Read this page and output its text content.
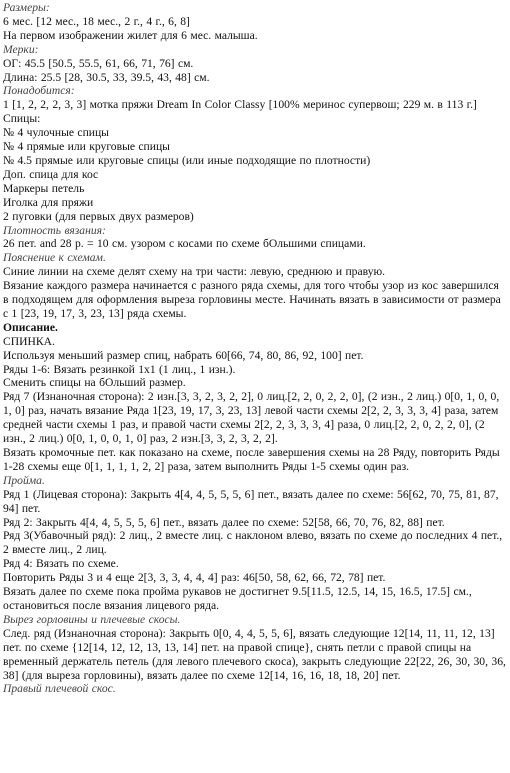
Размеры:

6 мес. [12 мес., 18 мес., 2 г., 4 г., 6, 8]

На первом изображении жилет для 6 мес. малыша.

Мерки:

ОГ: 45.5 [50.5, 55.5, 61, 66, 71, 76] см.

Длина: 25.5 [28, 30.5, 33, 39.5, 43, 48] см.

Понадобится:

1 [1, 2, 2, 2, 3, 3] мотка пряжи Dream In Color Classy [100% меринос супервош; 229 м. в 113 г.]

Спицы:

№ 4 чулочные спицы

№ 4 прямые или круговые спицы

№ 4.5 прямые или круговые спицы (или иные подходящие по плотности)

Доп. спица для кос

Маркеры петель

Иголка для пряжи

2 пуговки (для первых двух размеров)

Плотность вязания:

26 пет. and 28 р. = 10 см. узором с косами по схеме бОльшими спицами.

Пояснение к схемам.

Синие линии на схеме делят схему на три части: левую, среднюю и правую.

Вязание каждого размера начинается с разного ряда схемы, для того чтобы узор из кос завершился в подходящем для оформления выреза горловины месте. Начинать вязать в зависимости от размера с 1 [23, 19, 17, 3, 23, 13] ряда схемы.

Описание.

СПИНКА.

Используя меньший размер спиц, набрать 60[66, 74, 80, 86, 92, 100] пет.

Ряды 1-6: Вязать резинкой 1х1 (1 лиц., 1 изн.).

Сменить спицы на бОльший размер.

Ряд 7 (Изнаночная сторона): 2 изн.[3, 3, 2, 3, 2, 2], 0 лиц.[2, 2, 0, 2, 2, 0], (2 изн., 2 лиц.) 0[0, 1, 0, 0, 1, 0] раз, начать вязание Ряда 1[23, 19, 17, 3, 23, 13] левой части схемы 2[2, 2, 3, 3, 3, 4] раза, затем средней части схемы 1 раз, и правой части схемы 2[2, 2, 3, 3, 3, 4] раза, 0 лиц.[2, 2, 0, 2, 2, 0], (2 изн., 2 лиц.) 0[0, 1, 0, 0, 1, 0] раз, 2 изн.[3, 3, 2, 3, 2, 2].

Вязать кромочные пет. как показано на схеме, после завершения схемы на 28 Ряду, повторить Ряды 1-28 схемы еще 0[1, 1, 1, 1, 2, 2] раза, затем выполнить Ряды 1-5 схемы один раз.

Пройма.

Ряд 1 (Лицевая сторона): Закрыть 4[4, 4, 5, 5, 5, 6] пет., вязать далее по схеме: 56[62, 70, 75, 81, 87, 94] пет.

Ряд 2: Закрыть 4[4, 4, 5, 5, 5, 6] пет., вязать далее по схеме: 52[58, 66, 70, 76, 82, 88] пет.

Ряд 3(Убавочный ряд): 2 лиц., 2 вместе лиц. с наклоном влево, вязать по схеме до последних 4 пет., 2 вместе лиц., 2 лиц.

Ряд 4: Вязать по схеме.

Повторить Ряды 3 и 4 еще 2[3, 3, 3, 4, 4, 4] раз: 46[50, 58, 62, 66, 72, 78] пет.

Вязать далее по схеме пока пройма рукавов не достигнет 9.5[11.5, 12.5, 14, 15, 16.5, 17.5] см., остановиться после вязания лицевого ряда.

Вырез горловины и плечевые скосы.

След. ряд (Изнаночная сторона): Закрыть 0[0, 4, 4, 5, 5, 6], вязать следующие 12[14, 11, 11, 12, 13] пет. по схеме {12[14, 12, 12, 13, 13, 14] пет. на правой спице}, снять петли с правой спицы на временный держатель петель (для левого плечевого скоса), закрыть следующие 22[22, 26, 30, 30, 36, 38] (для выреза горловины), вязать далее по схеме 12[14, 16, 16, 18, 18, 20] пет.

Правый плечевой скос.
